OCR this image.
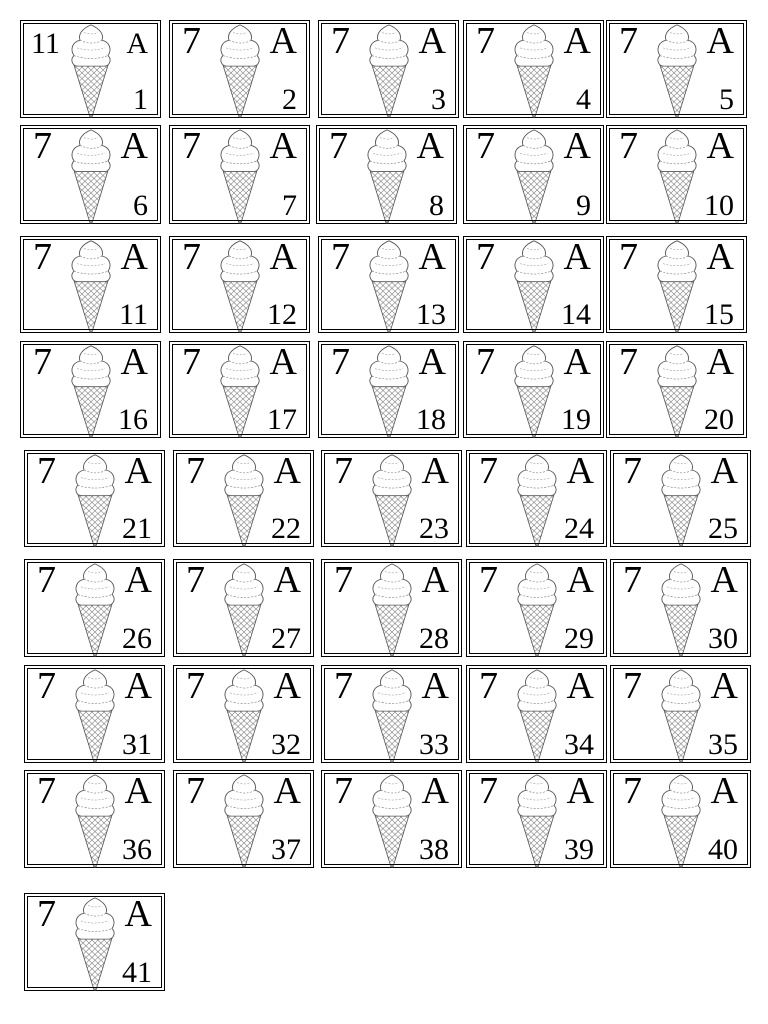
11 A
1
7 A
2
7 A
3
7 A
4
7 A
5
7 A
6
7 A
7
7 A
8
7 A
9
7 A
10
7 A
11
7 A
12
7 A
13
7 A
14
7 A
15
7 A
16
7 A
17
7 A
18
7 A
19
7 A
20
7 A
21
7 A
22
7 A
23
7 A
24
7 A
25
7 A
26
7 A
27
7 A
28
7 A
29
7 A
30
7 A
31
7 A
32
7 A
33
7 A
34
7 A
35
7 A
36
7 A
37
7 A
38
7 A
39
7 A
40
7 A
41
